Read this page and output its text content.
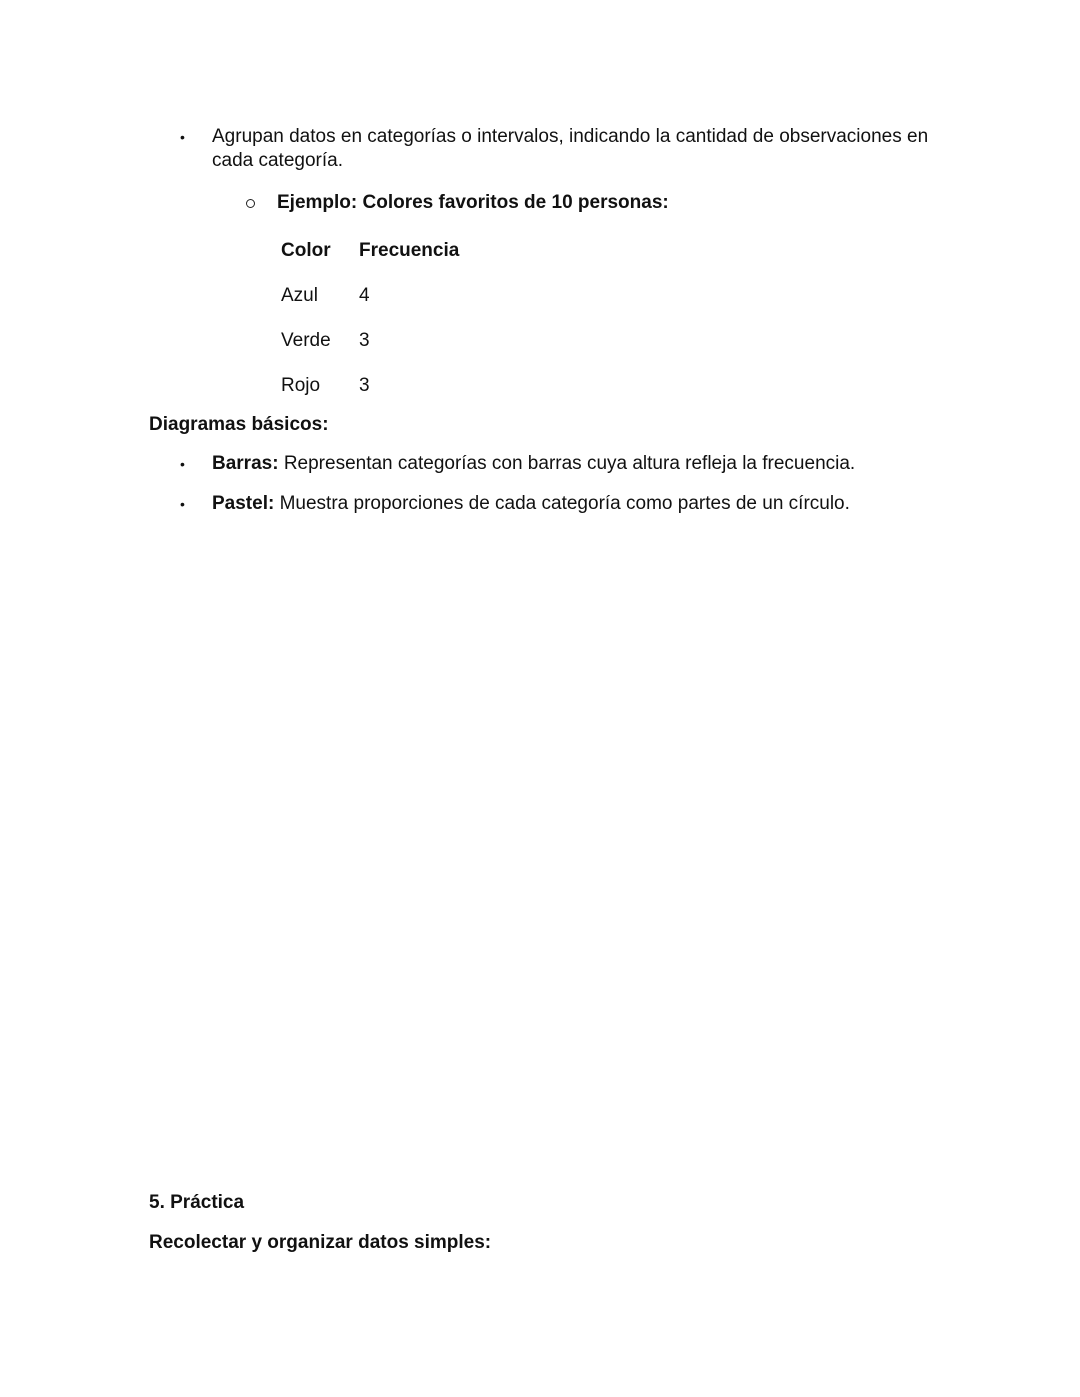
• Agrupan datos en categorías o intervalos, indicando la cantidad de observaciones en
cada categoría.
Ejemplo: Colores favoritos de 10 personas:
Color	Frecuencia
Azul	4
Verde	3
Rojo	3
Diagramas básicos:
• Barras: Representan categorías con barras cuya altura refleja la frecuencia.
• Pastel: Muestra proporciones de cada categoría como partes de un círculo.
5. Práctica
Recolectar y organizar datos simples:
